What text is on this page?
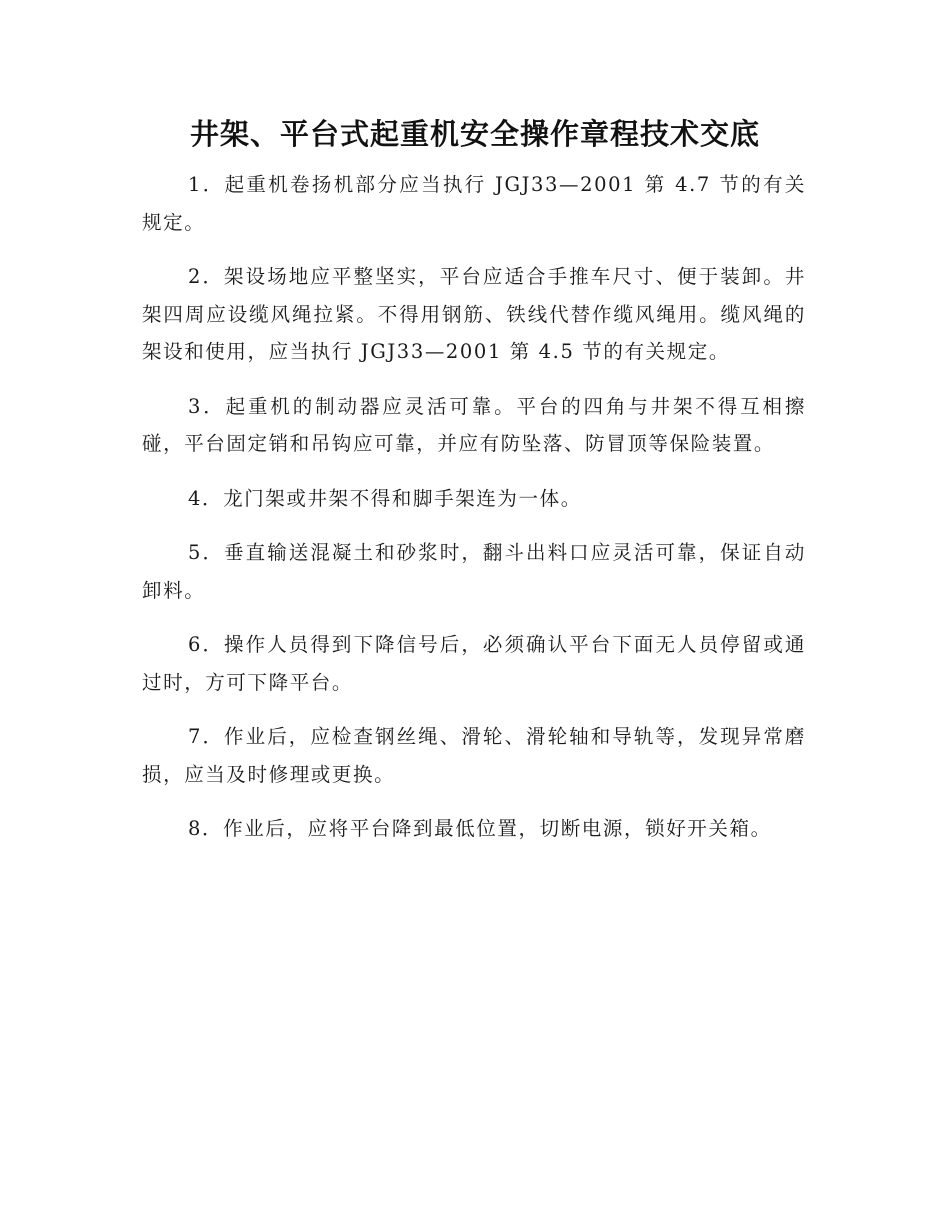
井架、平台式起重机安全操作章程技术交底

1．起重机卷扬机部分应当执行 JGJ33—2001 第 4.7 节的有关规定。

2．架设场地应平整坚实，平台应适合手推车尺寸、便于装卸。井架四周应设缆风绳拉紧。不得用钢筋、铁线代替作缆风绳用。缆风绳的架设和使用，应当执行 JGJ33—2001 第 4.5 节的有关规定。

3．起重机的制动器应灵活可靠。平台的四角与井架不得互相擦碰，平台固定销和吊钩应可靠，并应有防坠落、防冒顶等保险装置。

4．龙门架或井架不得和脚手架连为一体。

5．垂直输送混凝土和砂浆时，翻斗出料口应灵活可靠，保证自动卸料。

6．操作人员得到下降信号后，必须确认平台下面无人员停留或通过时，方可下降平台。

7．作业后，应检查钢丝绳、滑轮、滑轮轴和导轨等，发现异常磨损，应当及时修理或更换。

8．作业后，应将平台降到最低位置，切断电源，锁好开关箱。
